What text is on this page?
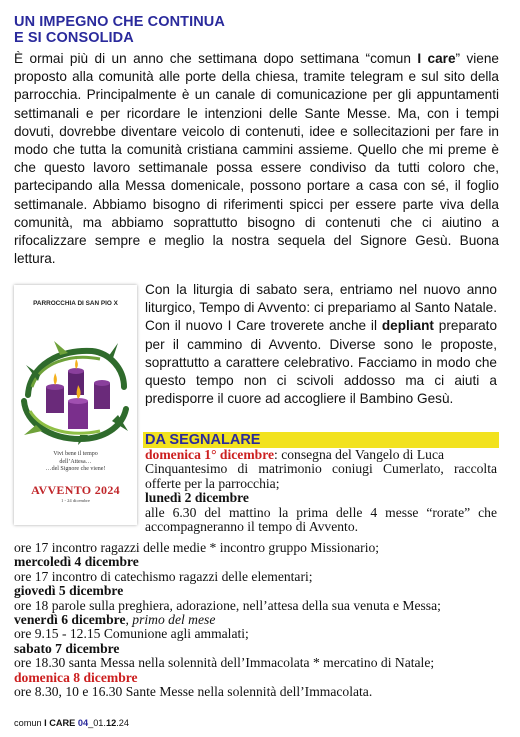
UN IMPEGNO CHE CONTINUA
E SI CONSOLIDA
È ormai più di un anno che settimana dopo settimana “comun I care” viene proposto alla comunità alle porte della chiesa, tramite telegram e sul sito della parrocchia. Principalmente è un canale di comunicazione per gli appuntamenti settimanali e per ricordare le intenzioni delle Sante Messe. Ma, con i tempi dovuti, dovrebbe diventare veicolo di contenuti, idee e sollecitazioni per fare in modo che tutta la comunità cristiana cammini assieme. Quello che mi preme è che questo lavoro settimanale possa essere condiviso da tutti coloro che, partecipando alla Messa domenicale, possono portare a casa con sé, il foglio settimanale. Abbiamo bisogno di riferimenti spicci per essere parte viva della comunità, ma abbiamo soprattutto bisogno di contenuti che ci aiutino a rifocalizzare sempre e meglio la nostra sequela del Signore Gesù. Buona lettura.
PARROCCHIA DI SAN PIO X
Vivi bene il tempo
dell’Attesa…
…del Signore che viene!
AVVENTO 2024
1 - 24 dicembre
Con la liturgia di sabato sera, entriamo nel nuovo anno liturgico, Tempo di Avvento: ci prepariamo al Santo Natale. Con il nuovo I Care troverete anche il depliant preparato per il cammino di Avvento. Diverse sono le proposte, soprattutto a carattere celebrativo. Facciamo in modo che questo tempo non ci scivoli addosso ma ci aiuti a predisporre il cuore ad accogliere il Bambino Gesù.
DA SEGNALARE
domenica 1° dicembre: consegna del Vangelo di Luca
Cinquantesimo di matrimonio coniugi Cumerlato, raccolta offerte per la parrocchia;
lunedì 2 dicembre
alle 6.30 del mattino la prima delle 4 messe “rorate” che accompagneranno il tempo di Avvento.
ore 17 incontro ragazzi delle medie * incontro gruppo Missionario;
mercoledì 4 dicembre
ore 17 incontro di catechismo ragazzi delle elementari;
giovedì 5 dicembre
ore 18 parole sulla preghiera, adorazione, nell’attesa della sua venuta e Messa;
venerdì 6 dicembre, primo del mese
ore 9.15 - 12.15 Comunione agli ammalati;
sabato 7 dicembre
ore 18.30 santa Messa nella solennità dell’Immacolata * mercatino di Natale;
domenica 8 dicembre
ore 8.30, 10 e 16.30 Sante Messe nella solennità dell’Immacolata.
comun I CARE 04_01.12.24
